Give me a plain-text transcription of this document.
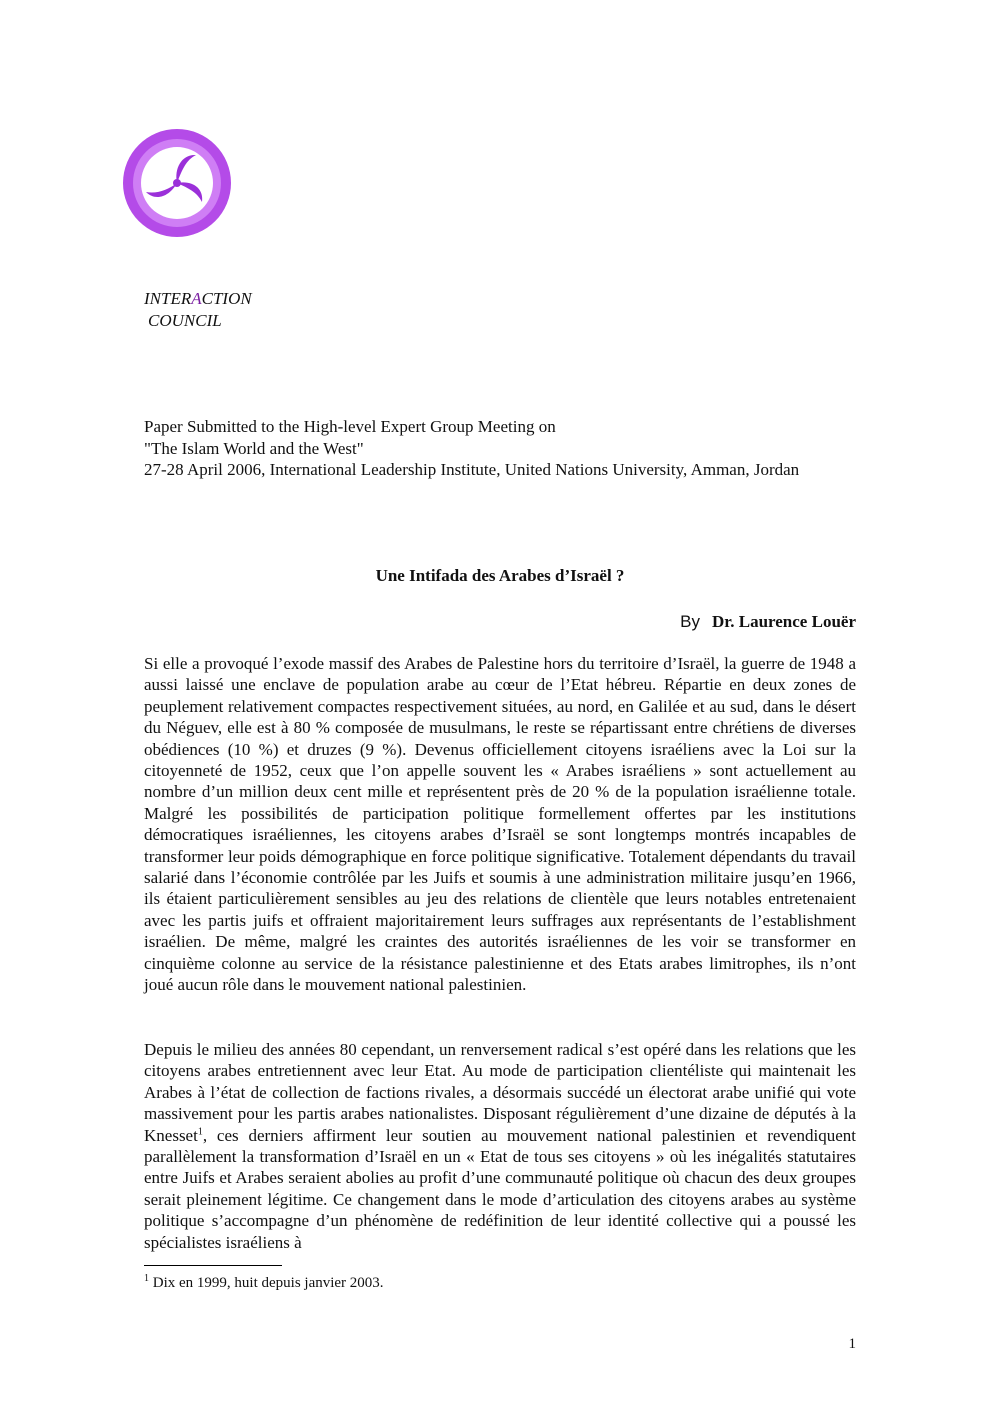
INTERACTION
COUNCIL
Paper Submitted to the High-level Expert Group Meeting on
"The Islam World and the West"
27-28 April 2006, International Leadership Institute, United Nations University, Amman, Jordan
Une Intifada des Arabes d’Israël ?
By Dr. Laurence Louër

Si elle a provoqué l’exode massif des Arabes de Palestine hors du territoire d’Israël, la guerre de 1948 a aussi laissé une enclave de population arabe au cœur de l’Etat hébreu. Répartie en deux zones de peuplement relativement compactes respectivement situées, au nord, en Galilée et au sud, dans le désert du Néguev, elle est à 80 % composée de musulmans, le reste se répartissant entre chrétiens de diverses obédiences (10 %) et druzes (9 %). Devenus officiellement citoyens israéliens avec la Loi sur la citoyenneté de 1952, ceux que l’on appelle souvent les « Arabes israéliens » sont actuellement au nombre d’un million deux cent mille et représentent près de 20 % de la population israélienne totale. Malgré les possibilités de participation politique formellement offertes par les institutions démocratiques israéliennes, les citoyens arabes d’Israël se sont longtemps montrés incapables de transformer leur poids démographique en force politique significative. Totalement dépendants du travail salarié dans l’économie contrôlée par les Juifs et soumis à une administration militaire jusqu’en 1966, ils étaient particulièrement sensibles au jeu des relations de clientèle que leurs notables entretenaient avec les partis juifs et offraient majoritairement leurs suffrages aux représentants de l’establishment israélien. De même, malgré les craintes des autorités israéliennes de les voir se transformer en cinquième colonne au service de la résistance palestinienne et des Etats arabes limitrophes, ils n’ont joué aucun rôle dans le mouvement national palestinien.

Depuis le milieu des années 80 cependant, un renversement radical s’est opéré dans les relations que les citoyens arabes entretiennent avec leur Etat. Au mode de participation clientéliste qui maintenait les Arabes à l’état de collection de factions rivales, a désormais succédé un électorat arabe unifié qui vote massivement pour les partis arabes nationalistes. Disposant régulièrement d’une dizaine de députés à la Knesset$^1$, ces derniers affirment leur soutien au mouvement national palestinien et revendiquent parallèlement la transformation d’Israël en un « Etat de tous ses citoyens » où les inégalités statutaires entre Juifs et Arabes seraient abolies au profit d’une communauté politique où chacun des deux groupes serait pleinement légitime. Ce changement dans le mode d’articulation des citoyens arabes au système politique s’accompagne d’un phénomène de redéfinition de leur identité collective qui a poussé les spécialistes israéliens à

$^1$ Dix en 1999, huit depuis janvier 2003.
1
